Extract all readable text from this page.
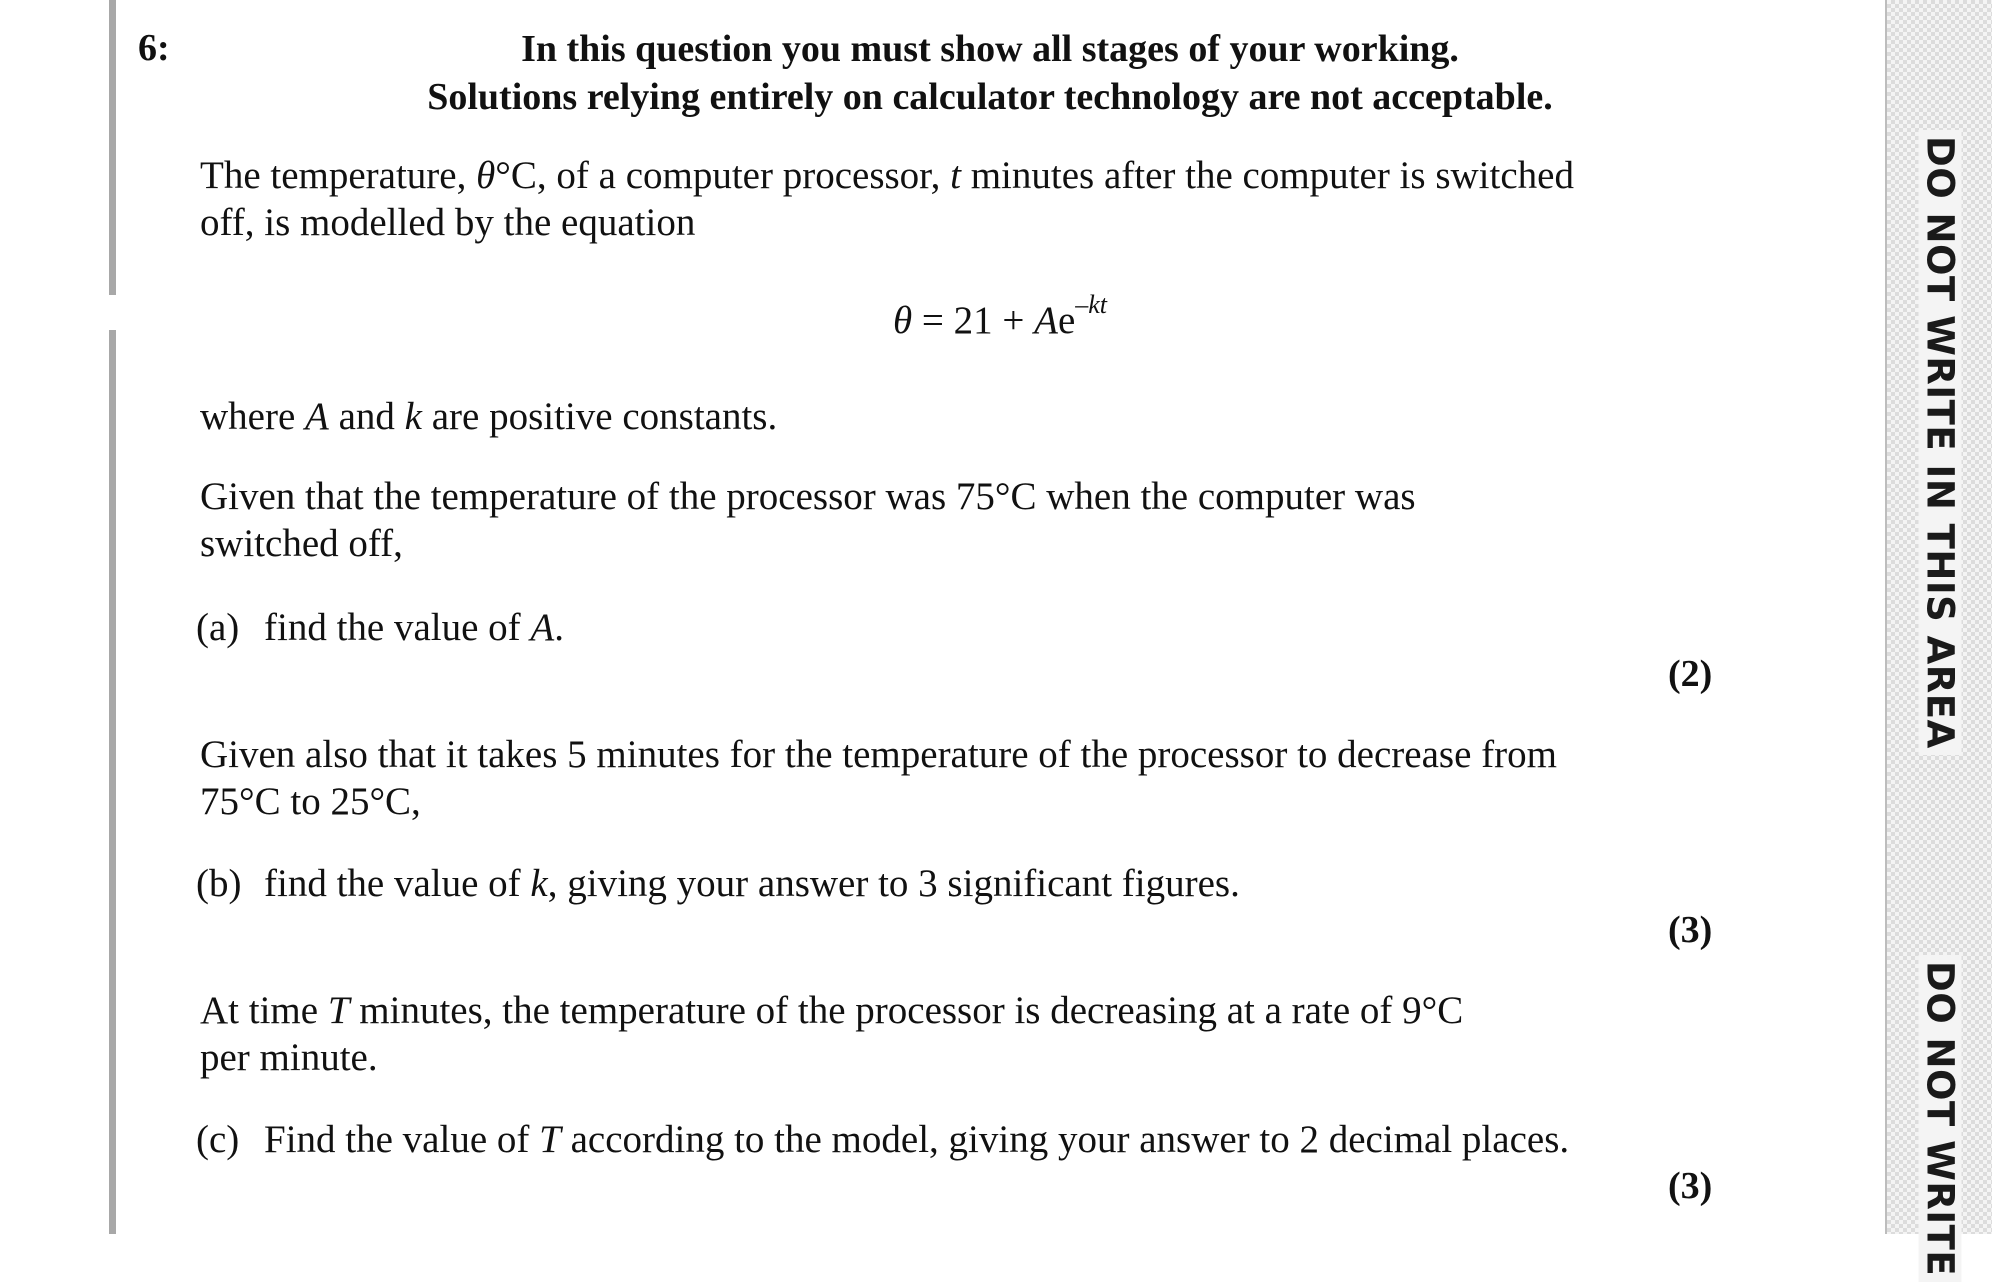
6:	In this question you must show all stages of your working.
Solutions relying entirely on calculator technology are not acceptable.
The temperature, θ°C, of a computer processor, t minutes after the computer is switched
off, is modelled by the equation
$\theta = 21 + Ae^{-kt}$
where A and k are positive constants.
Given that the temperature of the processor was 75°C when the computer was
switched off,
(a) find the value of A.
(2)
Given also that it takes 5 minutes for the temperature of the processor to decrease from
75°C to 25°C,
(b) find the value of k, giving your answer to 3 significant figures.
(3)
At time T minutes, the temperature of the processor is decreasing at a rate of 9°C
per minute.
(c) Find the value of T according to the model, giving your answer to 2 decimal places.
(3)
DO NOT WRITE IN THIS AREA
DO NOT WRITE
